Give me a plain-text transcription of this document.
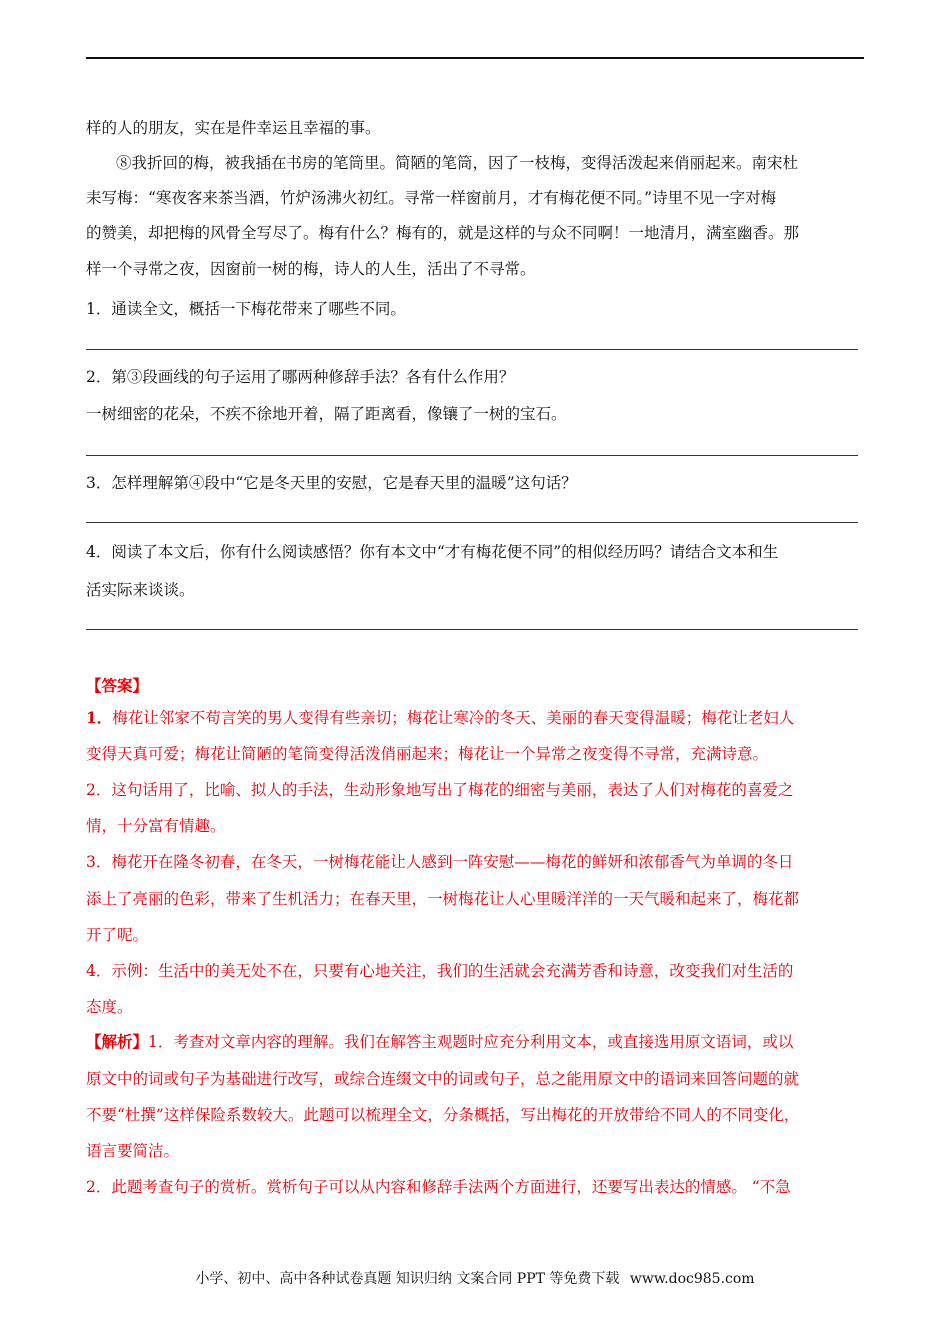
样的人的朋友，实在是件幸运且幸福的事。
⑧我折回的梅，被我插在书房的笔筒里。简陋的笔筒，因了一枝梅，变得活泼起来俏丽起来。南宋杜
耒写梅：“寒夜客来茶当酒，竹炉汤沸火初红。寻常一样窗前月，才有梅花便不同。”诗里不见一字对梅
的赞美，却把梅的风骨全写尽了。梅有什么？梅有的，就是这样的与众不同啊！一地清月，满室幽香。那
样一个寻常之夜，因窗前一树的梅，诗人的人生，活出了不寻常。
1．通读全文，概括一下梅花带来了哪些不同。
2．第③段画线的句子运用了哪两种修辞手法？各有什么作用？
一树细密的花朵，不疾不徐地开着，隔了距离看，像镶了一树的宝石。
3．怎样理解第④段中“它是冬天里的安慰，它是春天里的温暖”这句话？
4．阅读了本文后，你有什么阅读感悟？你有本文中“才有梅花便不同”的相似经历吗？请结合文本和生
活实际来谈谈。
【答案】
1．梅花让邻家不苟言笑的男人变得有些亲切；梅花让寒冷的冬天、美丽的春天变得温暖；梅花让老妇人
变得天真可爱；梅花让简陋的笔筒变得活泼俏丽起来；梅花让一个异常之夜变得不寻常，充满诗意。
2．这句话用了，比喻、拟人的手法，生动形象地写出了梅花的细密与美丽，表达了人们对梅花的喜爱之
情，十分富有情趣。
3．梅花开在隆冬初春，在冬天，一树梅花能让人感到一阵安慰——梅花的鲜妍和浓郁香气为单调的冬日
添上了亮丽的色彩，带来了生机活力；在春天里，一树梅花让人心里暖洋洋的一天气暖和起来了，梅花都
开了呢。
4．示例：生活中的美无处不在，只要有心地关注，我们的生活就会充满芳香和诗意，改变我们对生活的
态度。
【解析】1．考查对文章内容的理解。我们在解答主观题时应充分利用文本，或直接选用原文语词，或以
原文中的词或句子为基础进行改写，或综合连缀文中的词或句子，总之能用原文中的语词来回答问题的就
不要“杜撰”这样保险系数较大。此题可以梳理全文，分条概括，写出梅花的开放带给不同人的不同变化，
语言要简洁。
2．此题考查句子的赏析。赏析句子可以从内容和修辞手法两个方面进行，还要写出表达的情感。 “不急
小学、初中、高中各种试卷真题 知识归纳 文案合同 PPT 等免费下载 www.doc985.com
